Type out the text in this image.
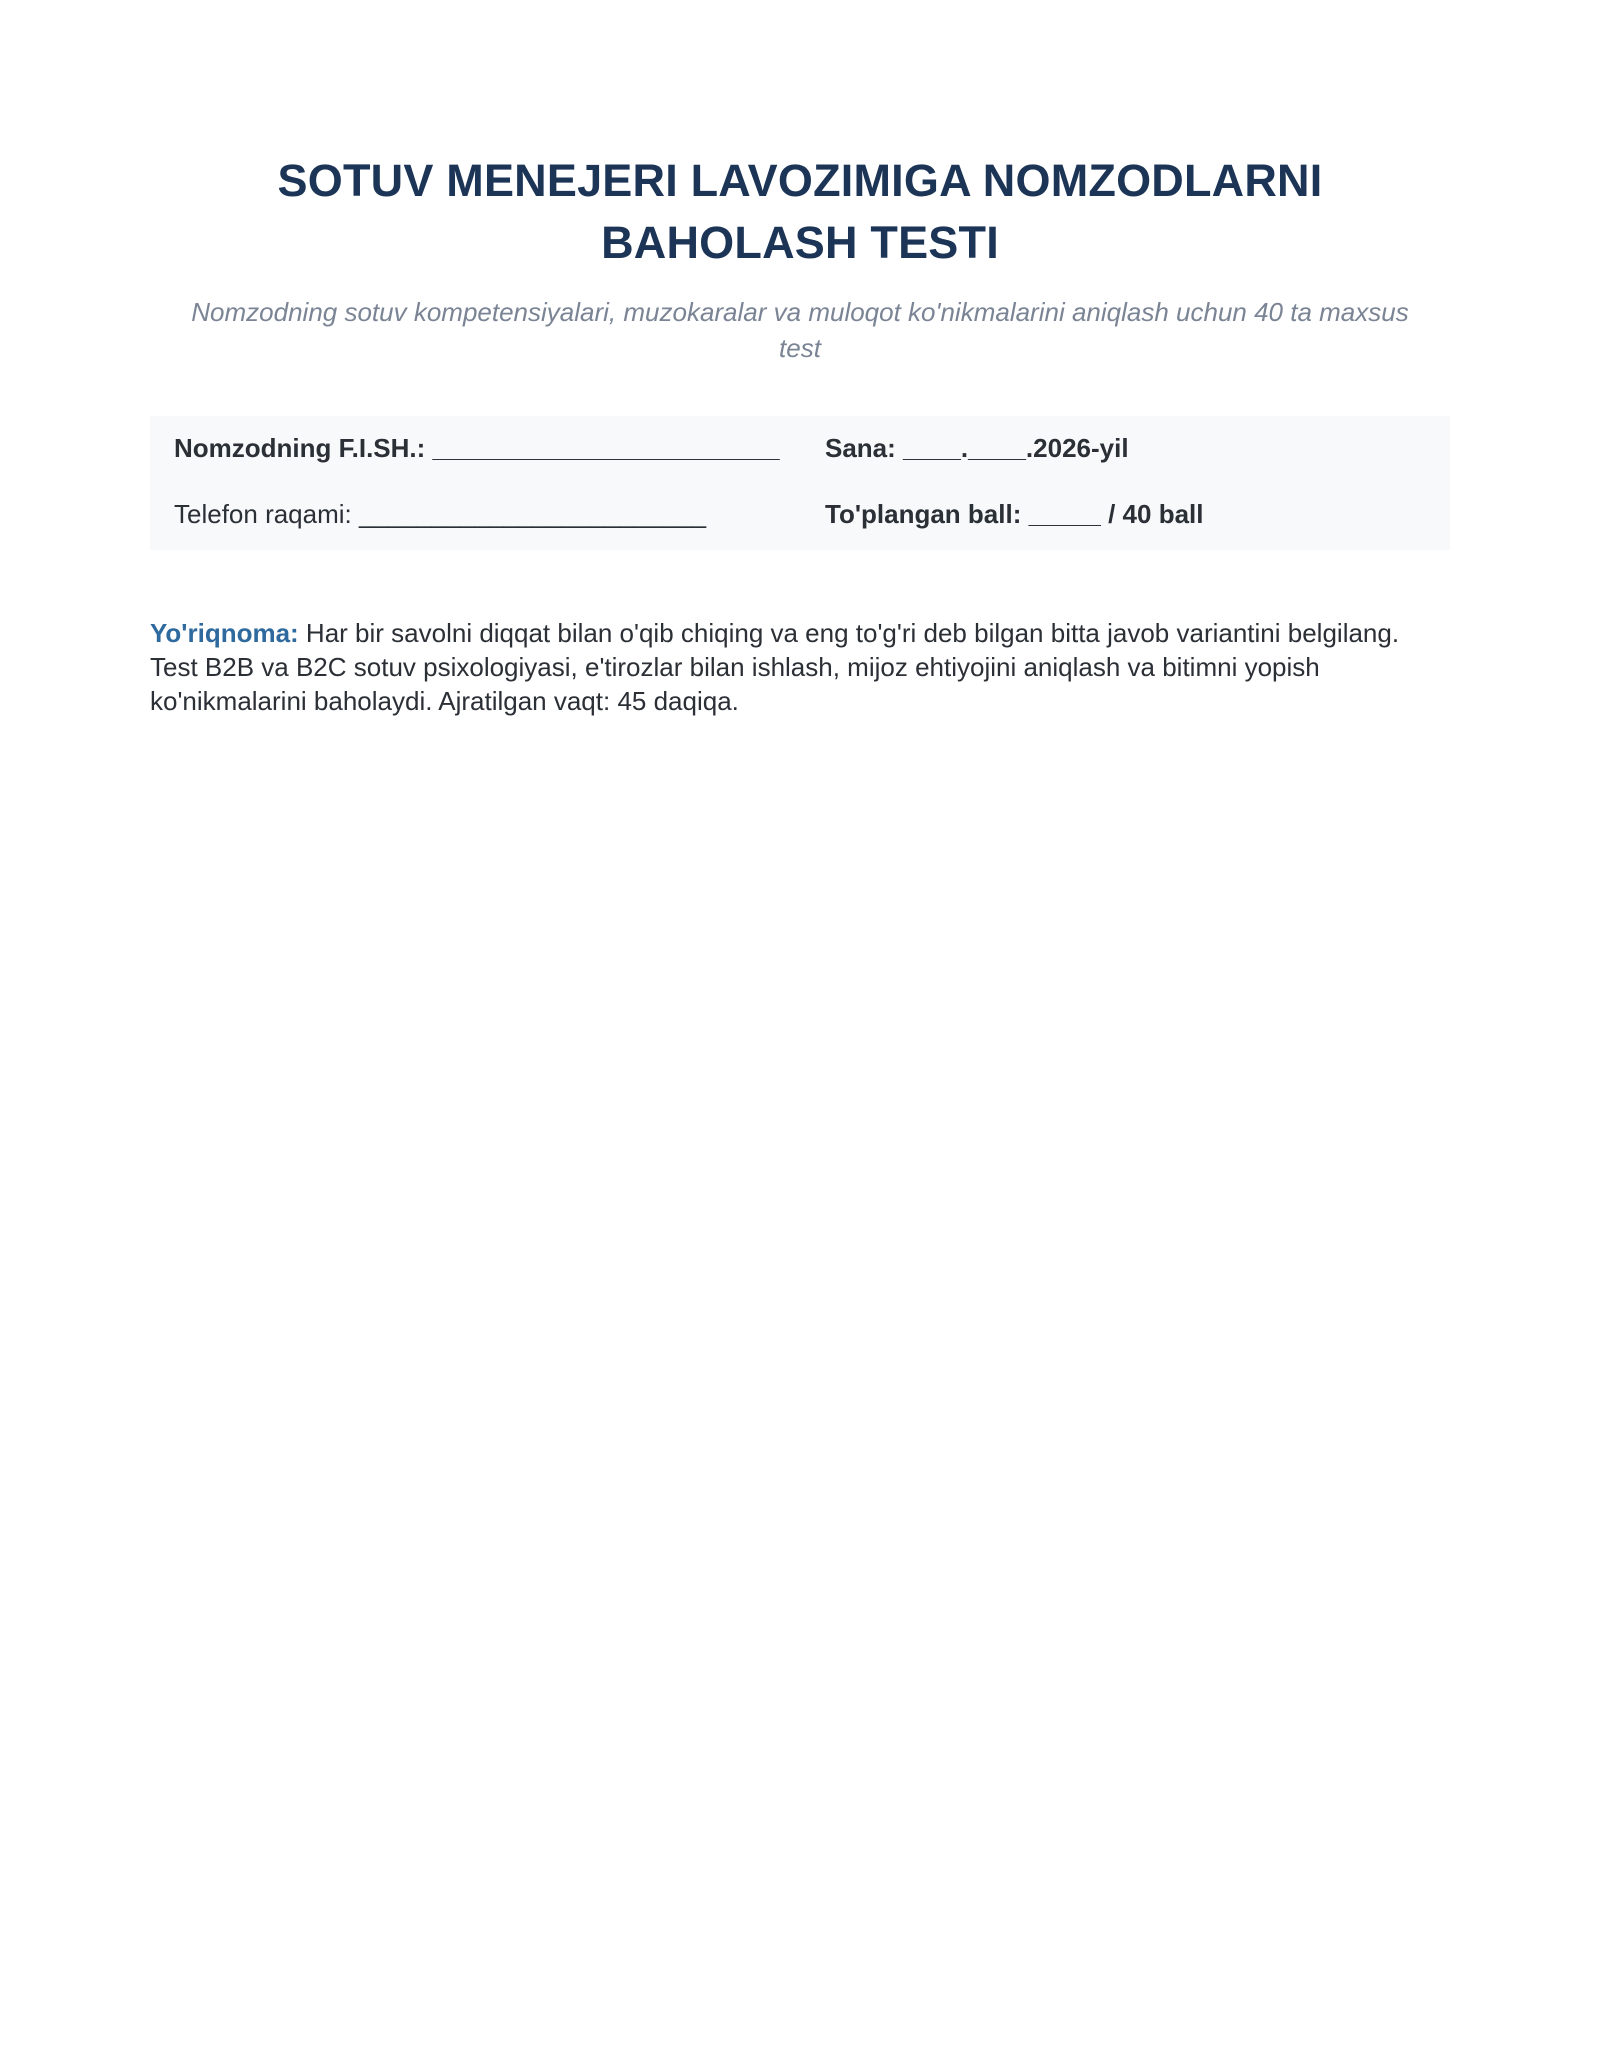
SOTUV MENEJERI LAVOZIMIGA NOMZODLARNI
BAHOLASH TESTI
Nomzodning sotuv kompetensiyalari, muzokaralar va muloqot ko'nikmalarini aniqlash uchun 40 ta maxsus
test
Nomzodning F.I.SH.: ________________________ Sana: ____.____.2026-yil
Telefon raqami: ________________________	To'plangan ball: _____ / 40 ball
Yo'riqnoma: Har bir savolni diqqat bilan o'qib chiqing va eng to'g'ri deb bilgan bitta javob variantini belgilang.
Test B2B va B2C sotuv psixologiyasi, e'tirozlar bilan ishlash, mijoz ehtiyojini aniqlash va bitimni yopish
ko'nikmalarini baholaydi. Ajratilgan vaqt: 45 daqiqa.
